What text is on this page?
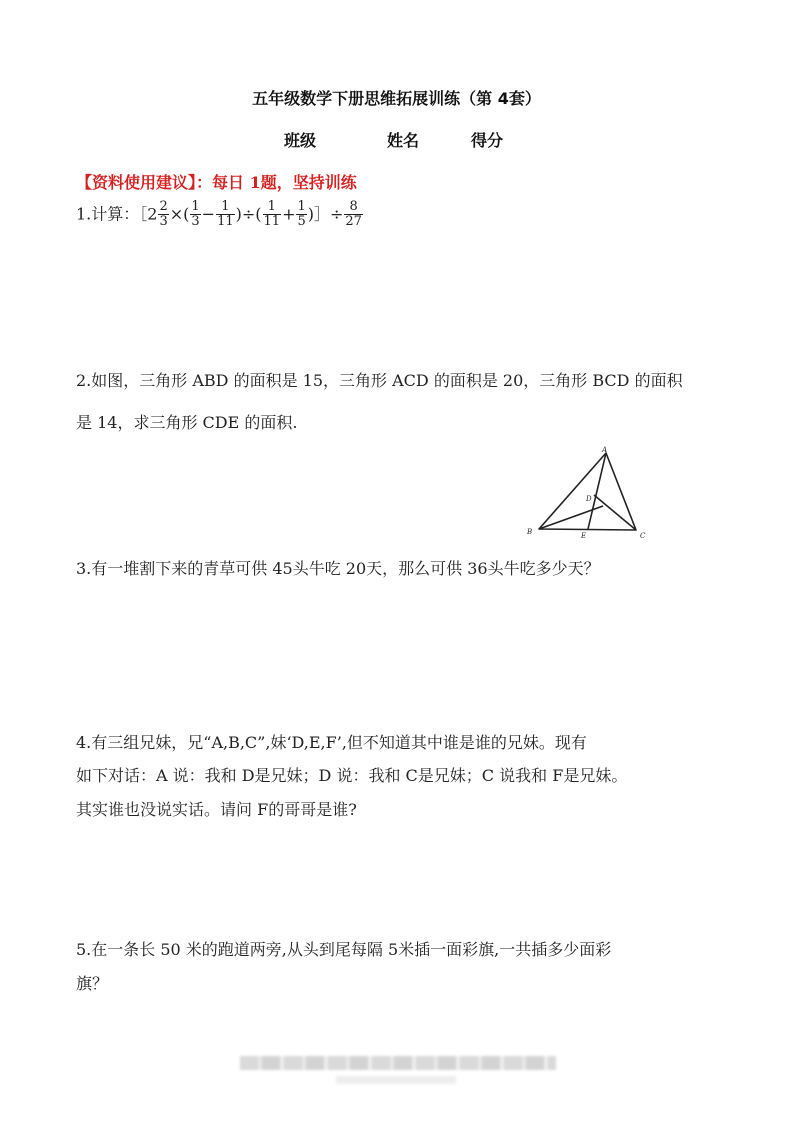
五年级数学下册思维拓展训练（第 4套）
班级	姓名	得分
【资料使用建议】：每日 1题，坚持训练
1.计算：［2 $\frac{2}{3}$ ×( $\frac{1}{3} - \frac{1}{11}$ )÷( $\frac{1}{11} + \frac{1}{5}$ )］÷ $\frac{8}{27}$
2.如图，三角形 ABD 的面积是 15，三角形 ACD 的面积是 20，三角形 BCD 的面积
是 14，求三角形 CDE 的面积.
A
B	C
D
E
3.有一堆割下来的青草可供 45头牛吃 20天，那么可供 36头牛吃多少天？
4.有三组兄妹，兄“A,B,C”,妹‘D,E,F’,但不知道其中谁是谁的兄妹。现有
如下对话：A 说：我和 D是兄妹；D 说：我和 C是兄妹；C 说我和 F是兄妹。
其实谁也没说实话。请问 F的哥哥是谁?
5.在一条长 50 米的跑道两旁,从头到尾每隔 5米插一面彩旗,一共插多少面彩
旗？
